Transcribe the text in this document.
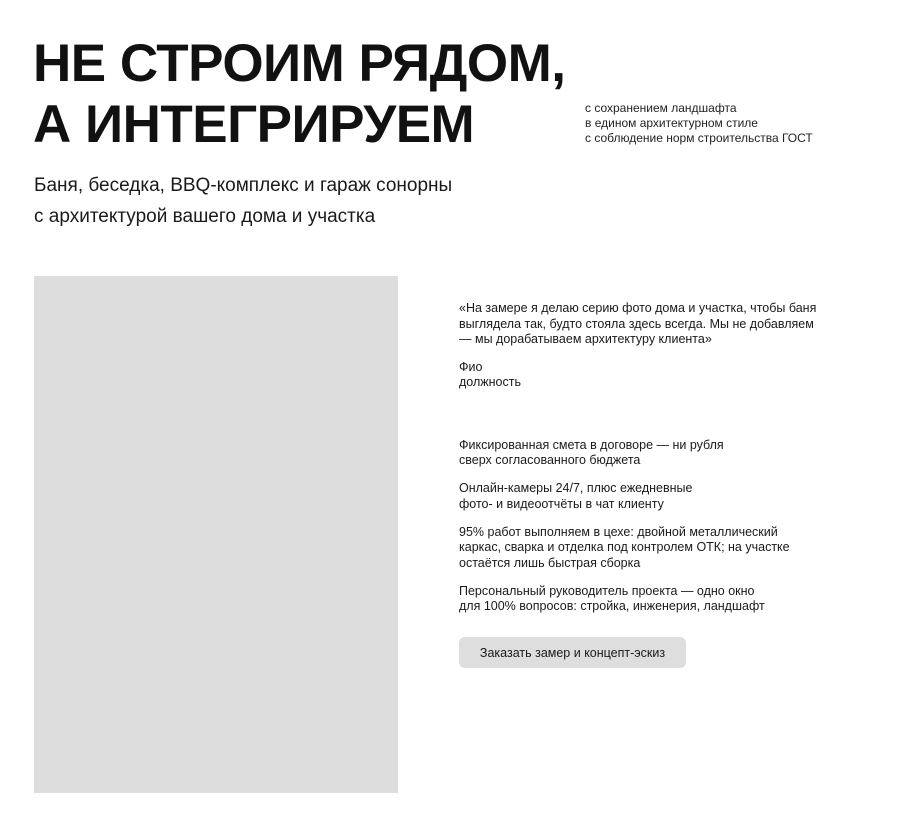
НЕ СТРОИМ РЯДОМ,
А ИНТЕГРИРУЕМ	с сохранением ландшафта
в едином архитектурном стиле
с соблюдение норм строительства ГОСТ
Баня, беседка, BBQ-комплекс и гараж сонорны
с архитектурой вашего дома и участка
«На замере я делаю серию фото дома и участка, чтобы баня
выглядела так, будто стояла здесь всегда. Мы не добавляем
— мы дорабатываем архитектуру клиента»
Фио
должность
Фиксированная смета в договоре — ни рубля
сверх согласованного бюджета
Онлайн-камеры 24/7, плюс ежедневные
фото- и видеоотчёты в чат клиенту
95% работ выполняем в цехе: двойной металлический
каркас, сварка и отделка под контролем ОТК; на участке
остаётся лишь быстрая сборка
Персональный руководитель проекта — одно окно
для 100% вопросов: стройка, инженерия, ландшафт
Заказать замер и концепт-эскиз
